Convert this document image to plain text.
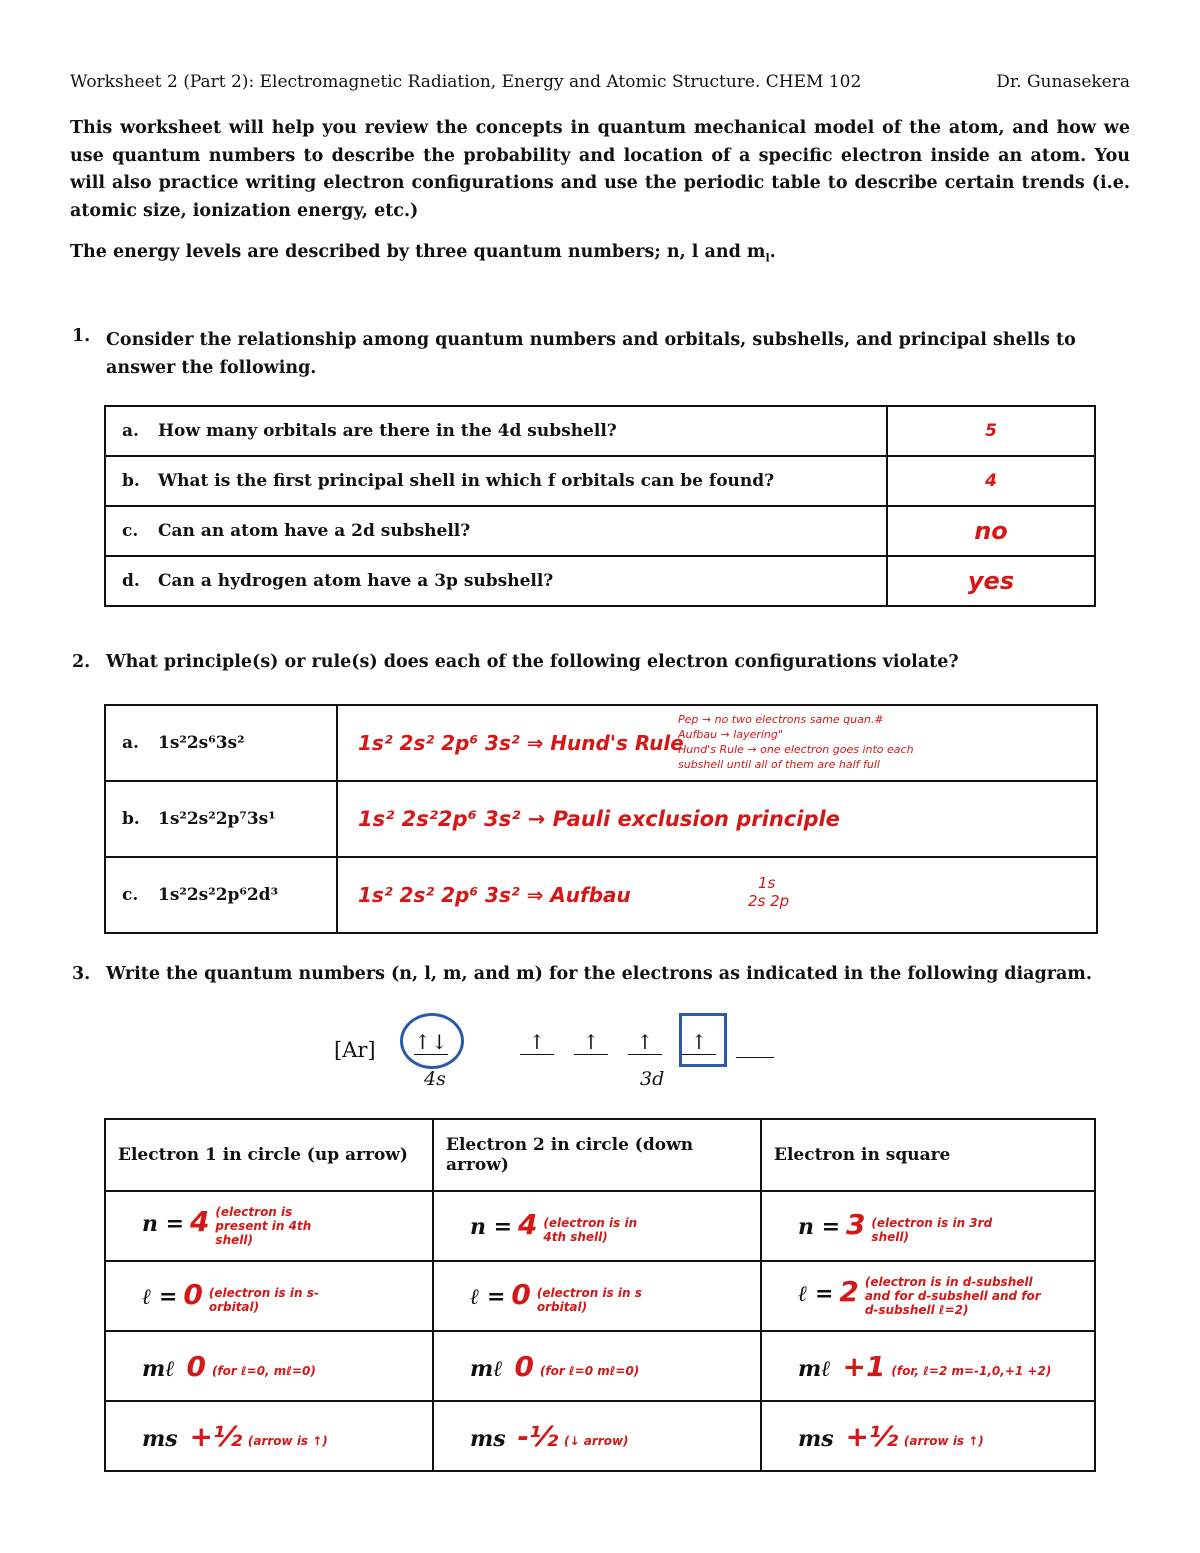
Worksheet 2 (Part 2): Electromagnetic Radiation, Energy and Atomic Structure. CHEM 102	Dr. Gunasekera
This worksheet will help you review the concepts in quantum mechanical model of the atom, and how we use quantum numbers to describe the probability and location of a specific electron inside an atom. You will also practice writing electron configurations and use the periodic table to describe certain trends (i.e. atomic size, ionization energy, etc.)
The energy levels are described by three quantum numbers; n, l and $m_l$.
1. Consider the relationship among quantum numbers and orbitals, subshells, and principal shells to answer the following.
a. How many orbitals are there in the 4d subshell?	5
b. What is the first principal shell in which f orbitals can be found?	4
c. Can an atom have a 2d subshell?	no
d. Can a hydrogen atom have a 3p subshell?	yes
2. What principle(s) or rule(s) does each of the following electron configurations violate?
a. 1s²2s⁶3s²	1s² 2s² 2p⁶ 3s² ⇒ Hund's Rule
Pep → no two electrons same quan.#
Aufbau → layering"
Hund's Rule → one electron goes into each
subshell until all of them are half full

b. 1s²2s²2p⁷3s¹	1s² 2s²2p⁶ 3s² → Pauli exclusion principle
c. 1s²2s²2p⁶2d³	1s² 2s² 2p⁶ 3s² ⇒ Aufbau 1s
2s 2p
3. Write the quantum numbers (n, l, m, and m) for the electrons as indicated in the following diagram.
[Ar] ↑↓
4s
↑	↑	↑	↑
3d
Electron 1 in circle (up arrow)	Electron 2 in circle (down arrow)	Electron in square
n = 4 (electron is present in 4th shell)	n = 4 (electron is in 4th shell)	n = 3 (electron is in 3rd shell)
ℓ = 0 (electron is in s-orbital)	ℓ = 0 (electron is in s orbital)	ℓ = 2 (electron is in d-subshell and for d-subshell and for d-subshell ℓ=2)
mℓ 0 (for ℓ=0, mℓ=0)	mℓ 0 (for ℓ=0 mℓ=0)	mℓ +1 (for, ℓ=2 m=-1,0,+1 +2)
ms +½ (arrow is ↑)	ms -½ (↓ arrow)	ms +½ (arrow is ↑)
